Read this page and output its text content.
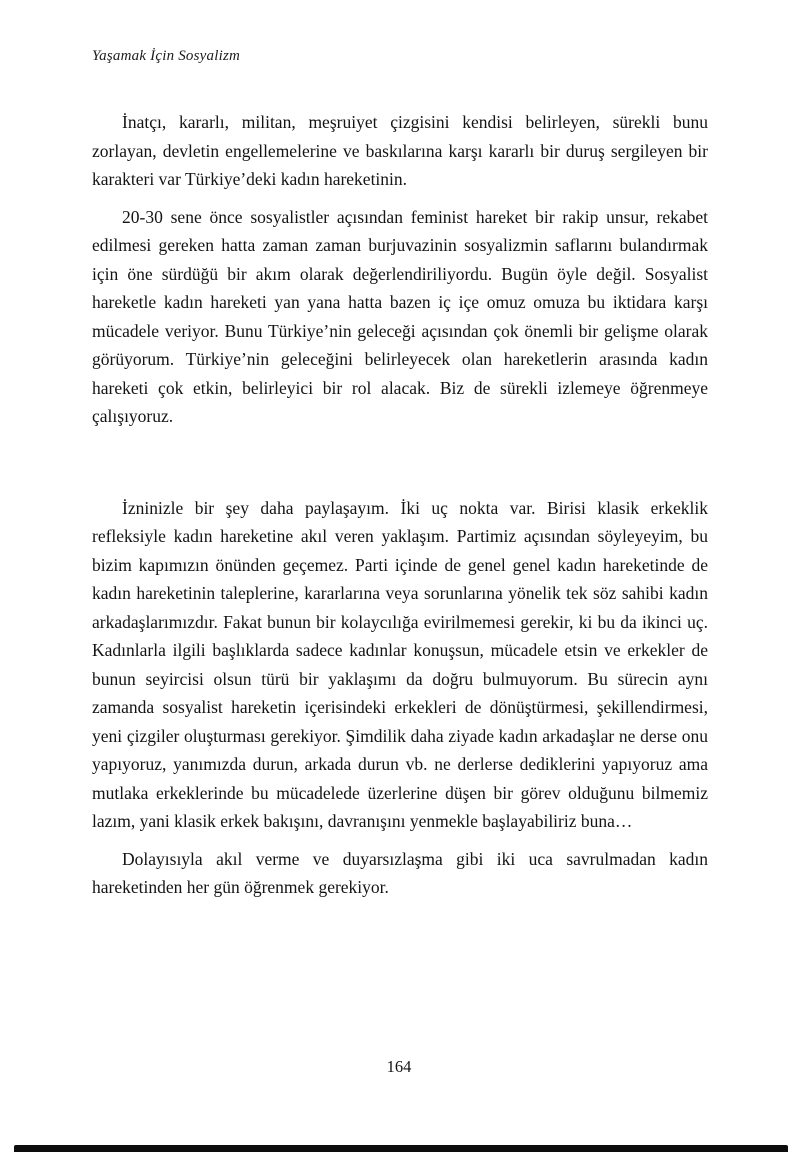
Yaşamak İçin Sosyalizm

İnatçı, kararlı, militan, meşruiyet çizgisini kendisi belirleyen, sürekli bunu zorlayan, devletin engellemelerine ve baskılarına karşı kararlı bir duruş sergileyen bir karakteri var Türkiye’deki kadın hareketinin.

20-30 sene önce sosyalistler açısından feminist hareket bir rakip unsur, rekabet edilmesi gereken hatta zaman zaman burjuvazinin sosyalizmin saflarını bulandırmak için öne sürdüğü bir akım olarak değerlendiriliyordu. Bugün öyle değil. Sosyalist hareketle kadın hareketi yan yana hatta bazen iç içe omuz omuza bu iktidara karşı mücadele veriyor. Bunu Türkiye’nin geleceği açısından çok önemli bir gelişme olarak görüyorum. Türkiye’nin geleceğini belirleyecek olan hareketlerin arasında kadın hareketi çok etkin, belirleyici bir rol alacak. Biz de sürekli izlemeye öğrenmeye çalışıyoruz.

İzninizle bir şey daha paylaşayım. İki uç nokta var. Birisi klasik erkeklik refleksiyle kadın hareketine akıl veren yaklaşım. Partimiz açısından söyleyeyim, bu bizim kapımızın önünden geçemez. Parti içinde de genel genel kadın hareketinde de kadın hareketinin taleplerine, kararlarına veya sorunlarına yönelik tek söz sahibi kadın arkadaşlarımızdır. Fakat bunun bir kolaycılığa evirilmemesi gerekir, ki bu da ikinci uç. Kadınlarla ilgili başlıklarda sadece kadınlar konuşsun, mücadele etsin ve erkekler de bunun seyircisi olsun türü bir yaklaşımı da doğru bulmuyorum. Bu sürecin aynı zamanda sosyalist hareketin içerisindeki erkekleri de dönüştürmesi, şekillendirmesi, yeni çizgiler oluşturması gerekiyor. Şimdilik daha ziyade kadın arkadaşlar ne derse onu yapıyoruz, yanımızda durun, arkada durun vb. ne derlerse dediklerini yapıyoruz ama mutlaka erkeklerinde bu mücadelede üzerlerine düşen bir görev olduğunu bilmemiz lazım, yani klasik erkek bakışını, davranışını yenmekle başlayabiliriz buna…

Dolayısıyla akıl verme ve duyarsızlaşma gibi iki uca savrulmadan kadın hareketinden her gün öğrenmek gerekiyor.

164
